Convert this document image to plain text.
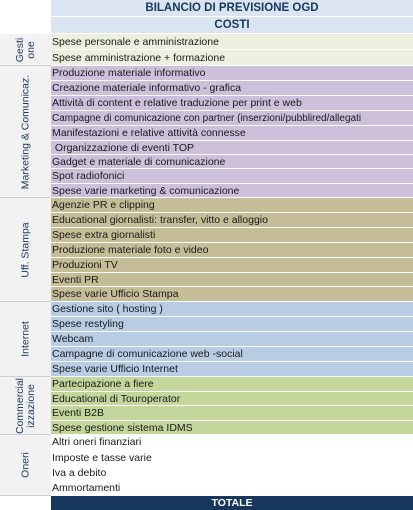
BILANCIO DI PREVISIONE OGD
COSTI
Gesti one Spese personale e amministrazione
Spese amministrazione + formazione
Marketing & Comunicaz.
Produzione materiale informativo
Creazione materiale informativo - grafica
Attività di content e relative traduzione per print e web
Campagne di comunicazione con partner (inserzioni/pubblired/allegati
Manifestazioni e relative attività connesse
Organizzazione di eventi TOP
Gadget e materiale di comunicazione
Spot radiofonici
Spese varie marketing & comunicazione
Uff. Stampa
Agenzie PR e clipping
Educational giornalisti: transfer, vitto e alloggio
Spese extra giornalisti
Produzione materiale foto e video
Produzioni TV
Eventi PR
Spese varie Ufficio Stampa
Internet
Gestione sito ( hosting )
Spese restyling
Webcam
Campagne di comunicazione web -social
Spese varie Ufficio Internet
Commercial izzazione Partecipazione a fiere
Educational di Touroperator
Eventi B2B
Spese gestione sistema IDMS
Oneri
Altri oneri finanziari
Imposte e tasse varie
Iva a debito
Ammortamenti
TOTALE
